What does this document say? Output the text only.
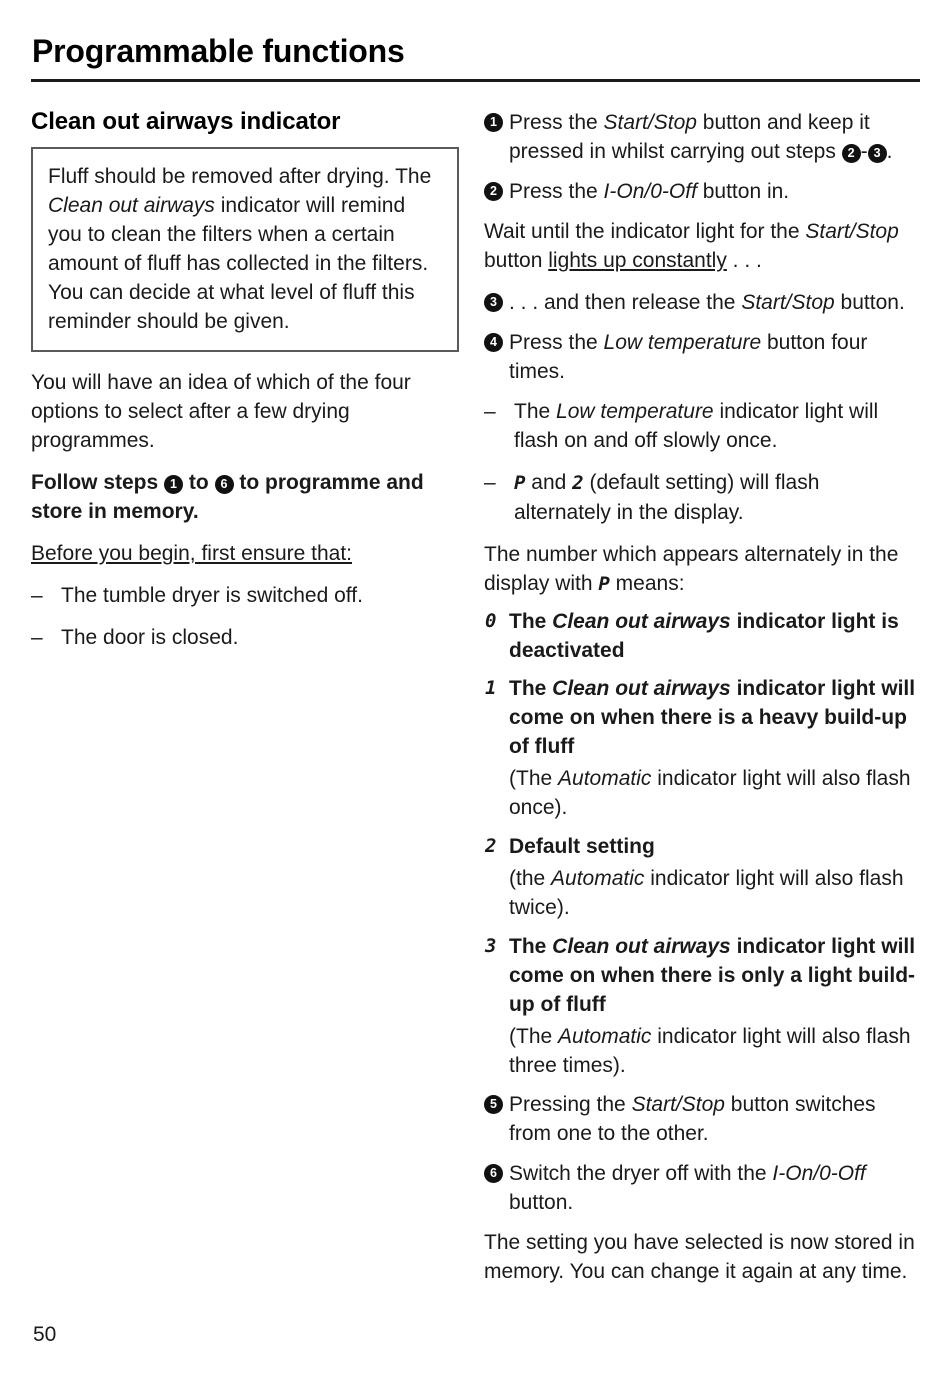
Programmable functions
Clean out airways indicator

Fluff should be removed after drying. The Clean out airways indicator will remind you to clean the filters when a certain amount of fluff has collected in the filters. You can decide at what level of fluff this reminder should be given.

You will have an idea of which of the four options to select after a few drying programmes.

Follow steps 1 to 6 to programme and store in memory.

Before you begin, first ensure that:

– The tumble dryer is switched off.
– The door is closed.
1 Press the Start/Stop button and keep it pressed in whilst carrying out steps 2 - 3 .
2 Press the I-On/0-Off button in.

Wait until the indicator light for the Start/Stop button lights up constantly . . .

3 . . . and then release the Start/Stop button.
4 Press the Low temperature button four times.
– The Low temperature indicator light will flash on and off slowly once.
– P and 2 (default setting) will flash alternately in the display.

The number which appears alternately in the display with P means:

0 The Clean out airways indicator light is deactivated
1 The Clean out airways indicator light will come on when there is a heavy build-up of fluff
(The Automatic indicator light will also flash once).
2 Default setting
(the Automatic indicator light will also flash twice).
3 The Clean out airways indicator light will come on when there is only a light build-up of fluff
(The Automatic indicator light will also flash three times).
5 Pressing the Start/Stop button switches from one to the other.
6 Switch the dryer off with the I-On/0-Off button.

The setting you have selected is now stored in memory. You can change it again at any time.

50
